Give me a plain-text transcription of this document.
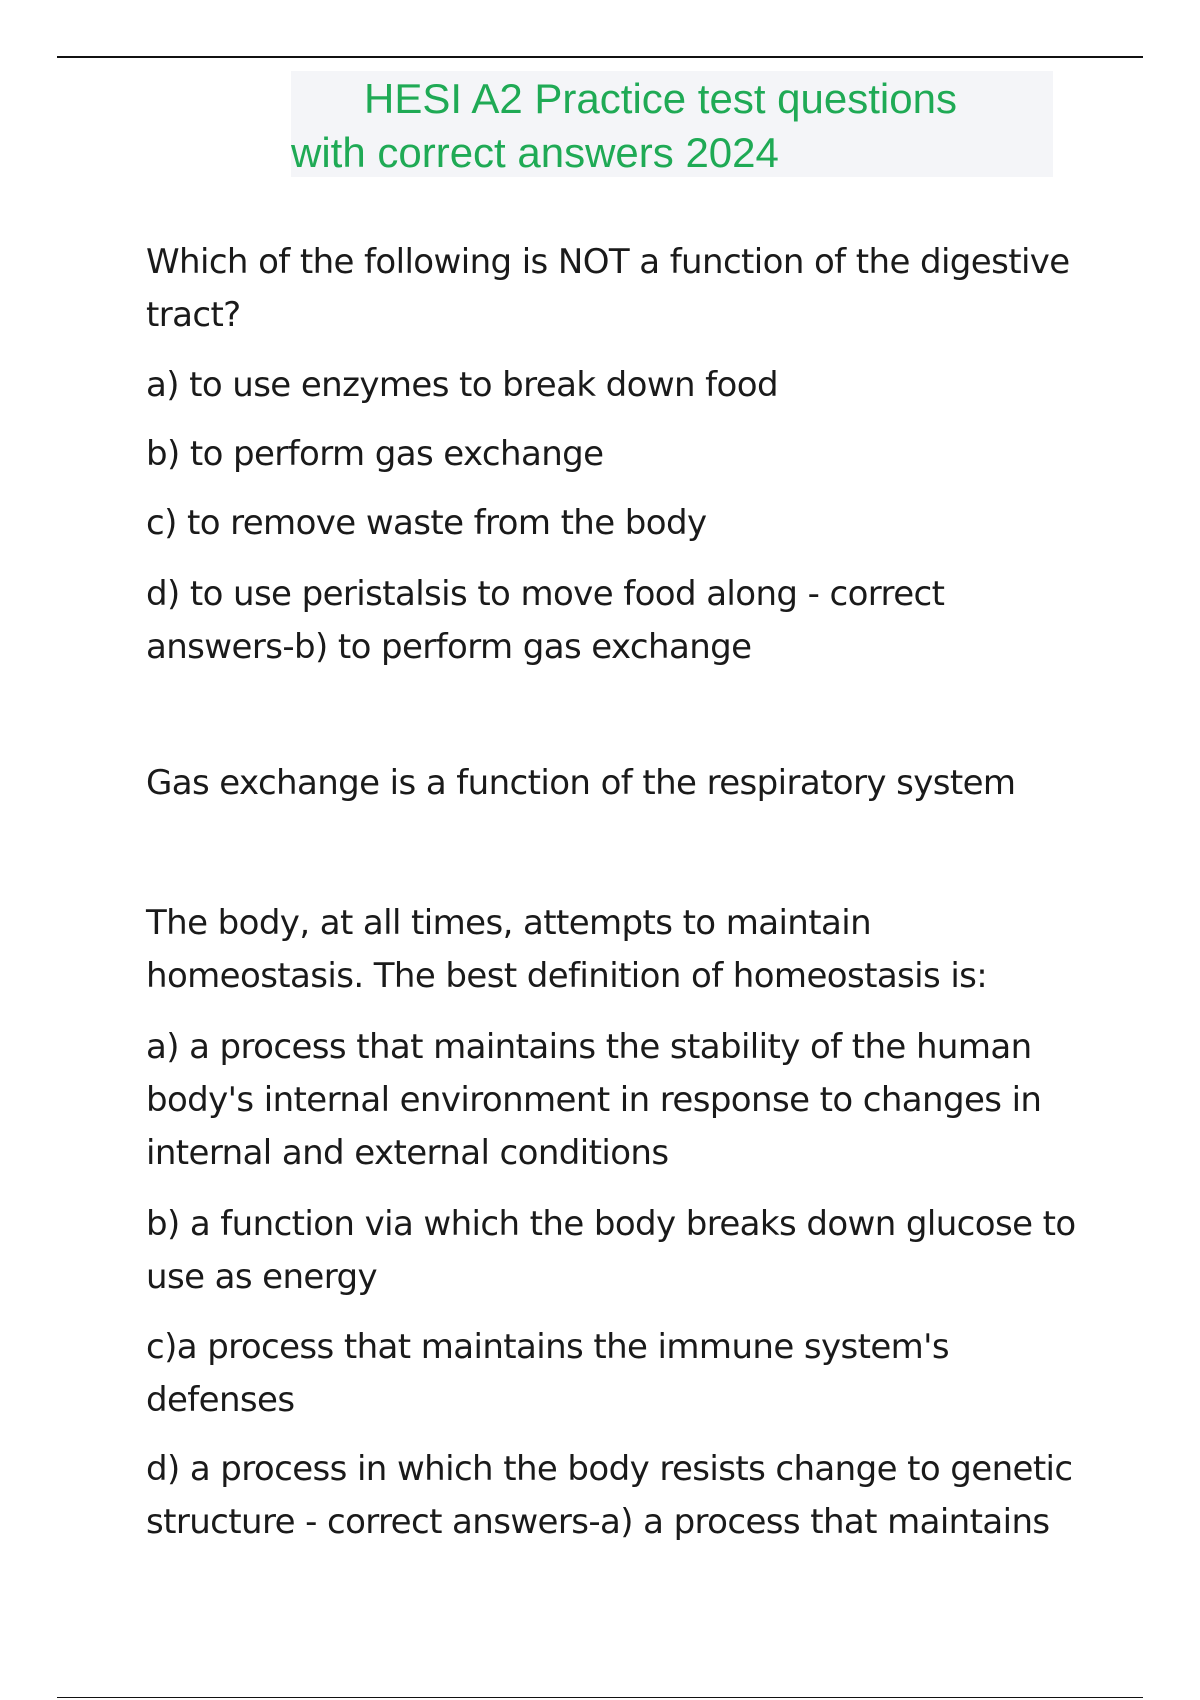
HESI A2 Practice test questions
with correct answers 2024
Which of the following is NOT a function of the digestive tract?
a) to use enzymes to break down food
b) to perform gas exchange
c) to remove waste from the body
d) to use peristalsis to move food along - correct answers-b) to perform gas exchange
Gas exchange is a function of the respiratory system
The body, at all times, attempts to maintain homeostasis. The best definition of homeostasis is:
a) a process that maintains the stability of the human body's internal environment in response to changes in internal and external conditions
b) a function via which the body breaks down glucose to use as energy
c)a process that maintains the immune system's defenses
d) a process in which the body resists change to genetic structure - correct answers-a) a process that maintains
